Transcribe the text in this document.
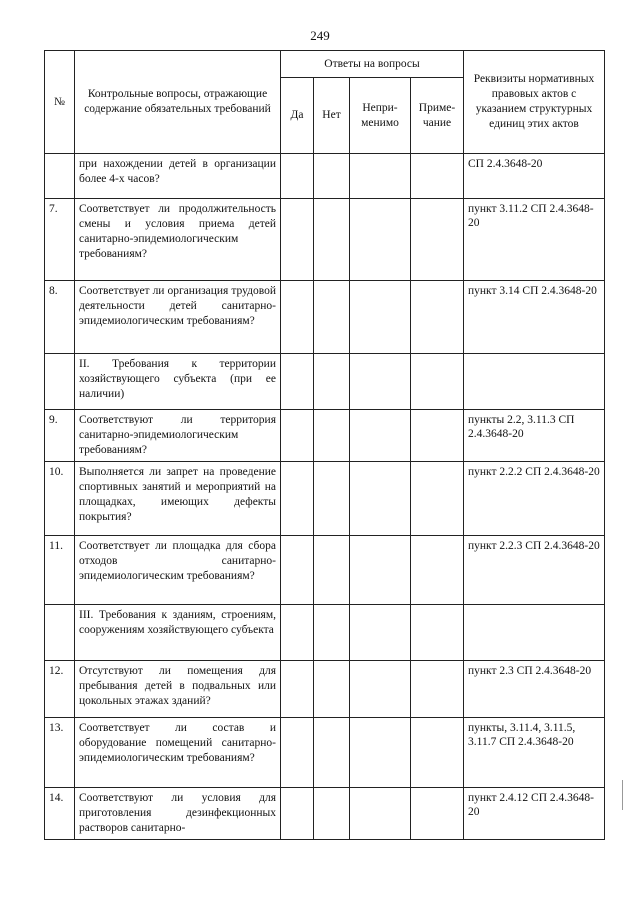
249
№	Контрольные вопросы, отражающие содержание обязательных требований	Ответы на вопросы				Реквизиты нормативных правовых актов с указанием структурных единиц этих актов
		Да	Нет	Непри-менимо	Приме-чание	
	при нахождении детей в организации более 4-х часов?					СП 2.4.3648-20
7.	Соответствует ли продолжительность смены и условия приема детей санитарно-эпидемиологическим требованиям?					пункт 3.11.2 СП 2.4.3648-20
8.	Соответствует ли организация трудовой деятельности детей санитарно-эпидемиологическим требованиям?					пункт 3.14 СП 2.4.3648-20
	II. Требования к территории хозяйствующего субъекта (при ее наличии)					
9.	Соответствуют ли территория санитарно-эпидемиологическим требованиям?					пункты 2.2, 3.11.3 СП 2.4.3648-20
10.	Выполняется ли запрет на проведение спортивных занятий и мероприятий на площадках, имеющих дефекты покрытия?					пункт 2.2.2 СП 2.4.3648-20
11.	Соответствует ли площадка для сбора отходов санитарно-эпидемиологическим требованиям?					пункт 2.2.3 СП 2.4.3648-20
	III. Требования к зданиям, строениям, сооружениям хозяйствующего субъекта					
12.	Отсутствуют ли помещения для пребывания детей в подвальных или цокольных этажах зданий?					пункт 2.3 СП 2.4.3648-20
13.	Соответствует ли состав и оборудование помещений санитарно-эпидемиологическим требованиям?					пункты, 3.11.4, 3.11.5, 3.11.7 СП 2.4.3648-20
14.	Соответствуют ли условия для приготовления дезинфекционных растворов санитарно-					пункт 2.4.12 СП 2.4.3648-20
